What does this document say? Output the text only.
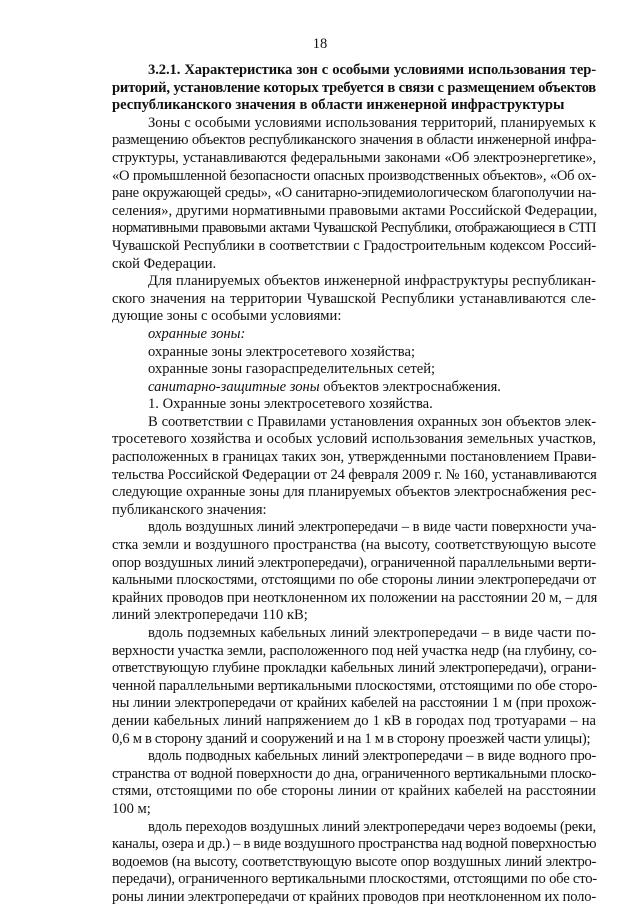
18
3.2.1. Характеристика зон с особыми условиями использования тер-
риторий, установление которых требуется в связи с размещением объектов
республиканского значения в области инженерной инфраструктуры
Зоны с особыми условиями использования территорий, планируемых к
размещению объектов республиканского значения в области инженерной инфра-
структуры, устанавливаются федеральными законами «Об электроэнергетике»,
«О промышленной безопасности опасных производственных объектов», «Об ох-
ране окружающей среды», «О санитарно-эпидемиологическом благополучии на-
селения», другими нормативными правовыми актами Российской Федерации,
нормативными правовыми актами Чувашской Республики, отображающиеся в СТП
Чувашской Республики в соответствии с Градостроительным кодексом Россий-
ской Федерации.
Для планируемых объектов инженерной инфраструктуры республикан-
ского значения на территории Чувашской Республики устанавливаются сле-
дующие зоны с особыми условиями:
охранные зоны:
охранные зоны электросетевого хозяйства;
охранные зоны газораспределительных сетей;
санитарно-защитные зоны объектов электроснабжения.
1. Охранные зоны электросетевого хозяйства.
В соответствии с Правилами установления охранных зон объектов элек-
тросетевого хозяйства и особых условий использования земельных участков,
расположенных в границах таких зон, утвержденными постановлением Прави-
тельства Российской Федерации от 24 февраля 2009 г. № 160, устанавливаются
следующие охранные зоны для планируемых объектов электроснабжения рес-
публиканского значения:
вдоль воздушных линий электропередачи – в виде части поверхности уча-
стка земли и воздушного пространства (на высоту, соответствующую высоте
опор воздушных линий электропередачи), ограниченной параллельными верти-
кальными плоскостями, отстоящими по обе стороны линии электропередачи от
крайних проводов при неотклоненном их положении на расстоянии 20 м, – для
линий электропередачи 110 кВ;
вдоль подземных кабельных линий электропередачи – в виде части по-
верхности участка земли, расположенного под ней участка недр (на глубину, со-
ответствующую глубине прокладки кабельных линий электропередачи), ограни-
ченной параллельными вертикальными плоскостями, отстоящими по обе сторо-
ны линии электропередачи от крайних кабелей на расстоянии 1 м (при прохож-
дении кабельных линий напряжением до 1 кВ в городах под тротуарами – на
0,6 м в сторону зданий и сооружений и на 1 м в сторону проезжей части улицы);
вдоль подводных кабельных линий электропередачи – в виде водного про-
странства от водной поверхности до дна, ограниченного вертикальными плоско-
стями, отстоящими по обе стороны линии от крайних кабелей на расстоянии
100 м;
вдоль переходов воздушных линий электропередачи через водоемы (реки,
каналы, озера и др.) – в виде воздушного пространства над водной поверхностью
водоемов (на высоту, соответствующую высоте опор воздушных линий электро-
передачи), ограниченного вертикальными плоскостями, отстоящими по обе сто-
роны линии электропередачи от крайних проводов при неотклоненном их поло-
